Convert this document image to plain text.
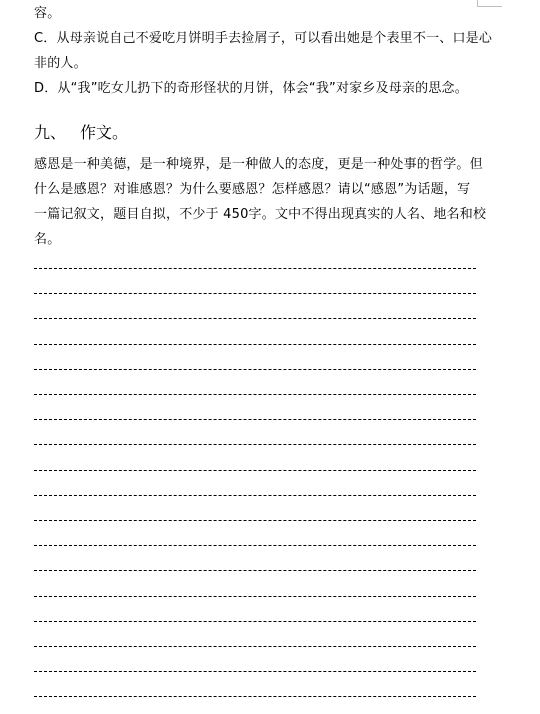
容。
C．从母亲说自己不爱吃月饼明手去捡屑子，可以看出她是个表里不一、口是心
非的人。
D．从“我”吃女儿扔下的奇形怪状的月饼，体会“我”对家乡及母亲的思念。
九、 作文。
感恩是一种美德，是一种境界，是一种做人的态度，更是一种处事的哲学。但
什么是感恩？对谁感恩？为什么要感恩？怎样感恩？请以“感恩”为话题，写
一篇记叙文，题目自拟，不少于 450字。文中不得出现真实的人名、地名和校
名。
